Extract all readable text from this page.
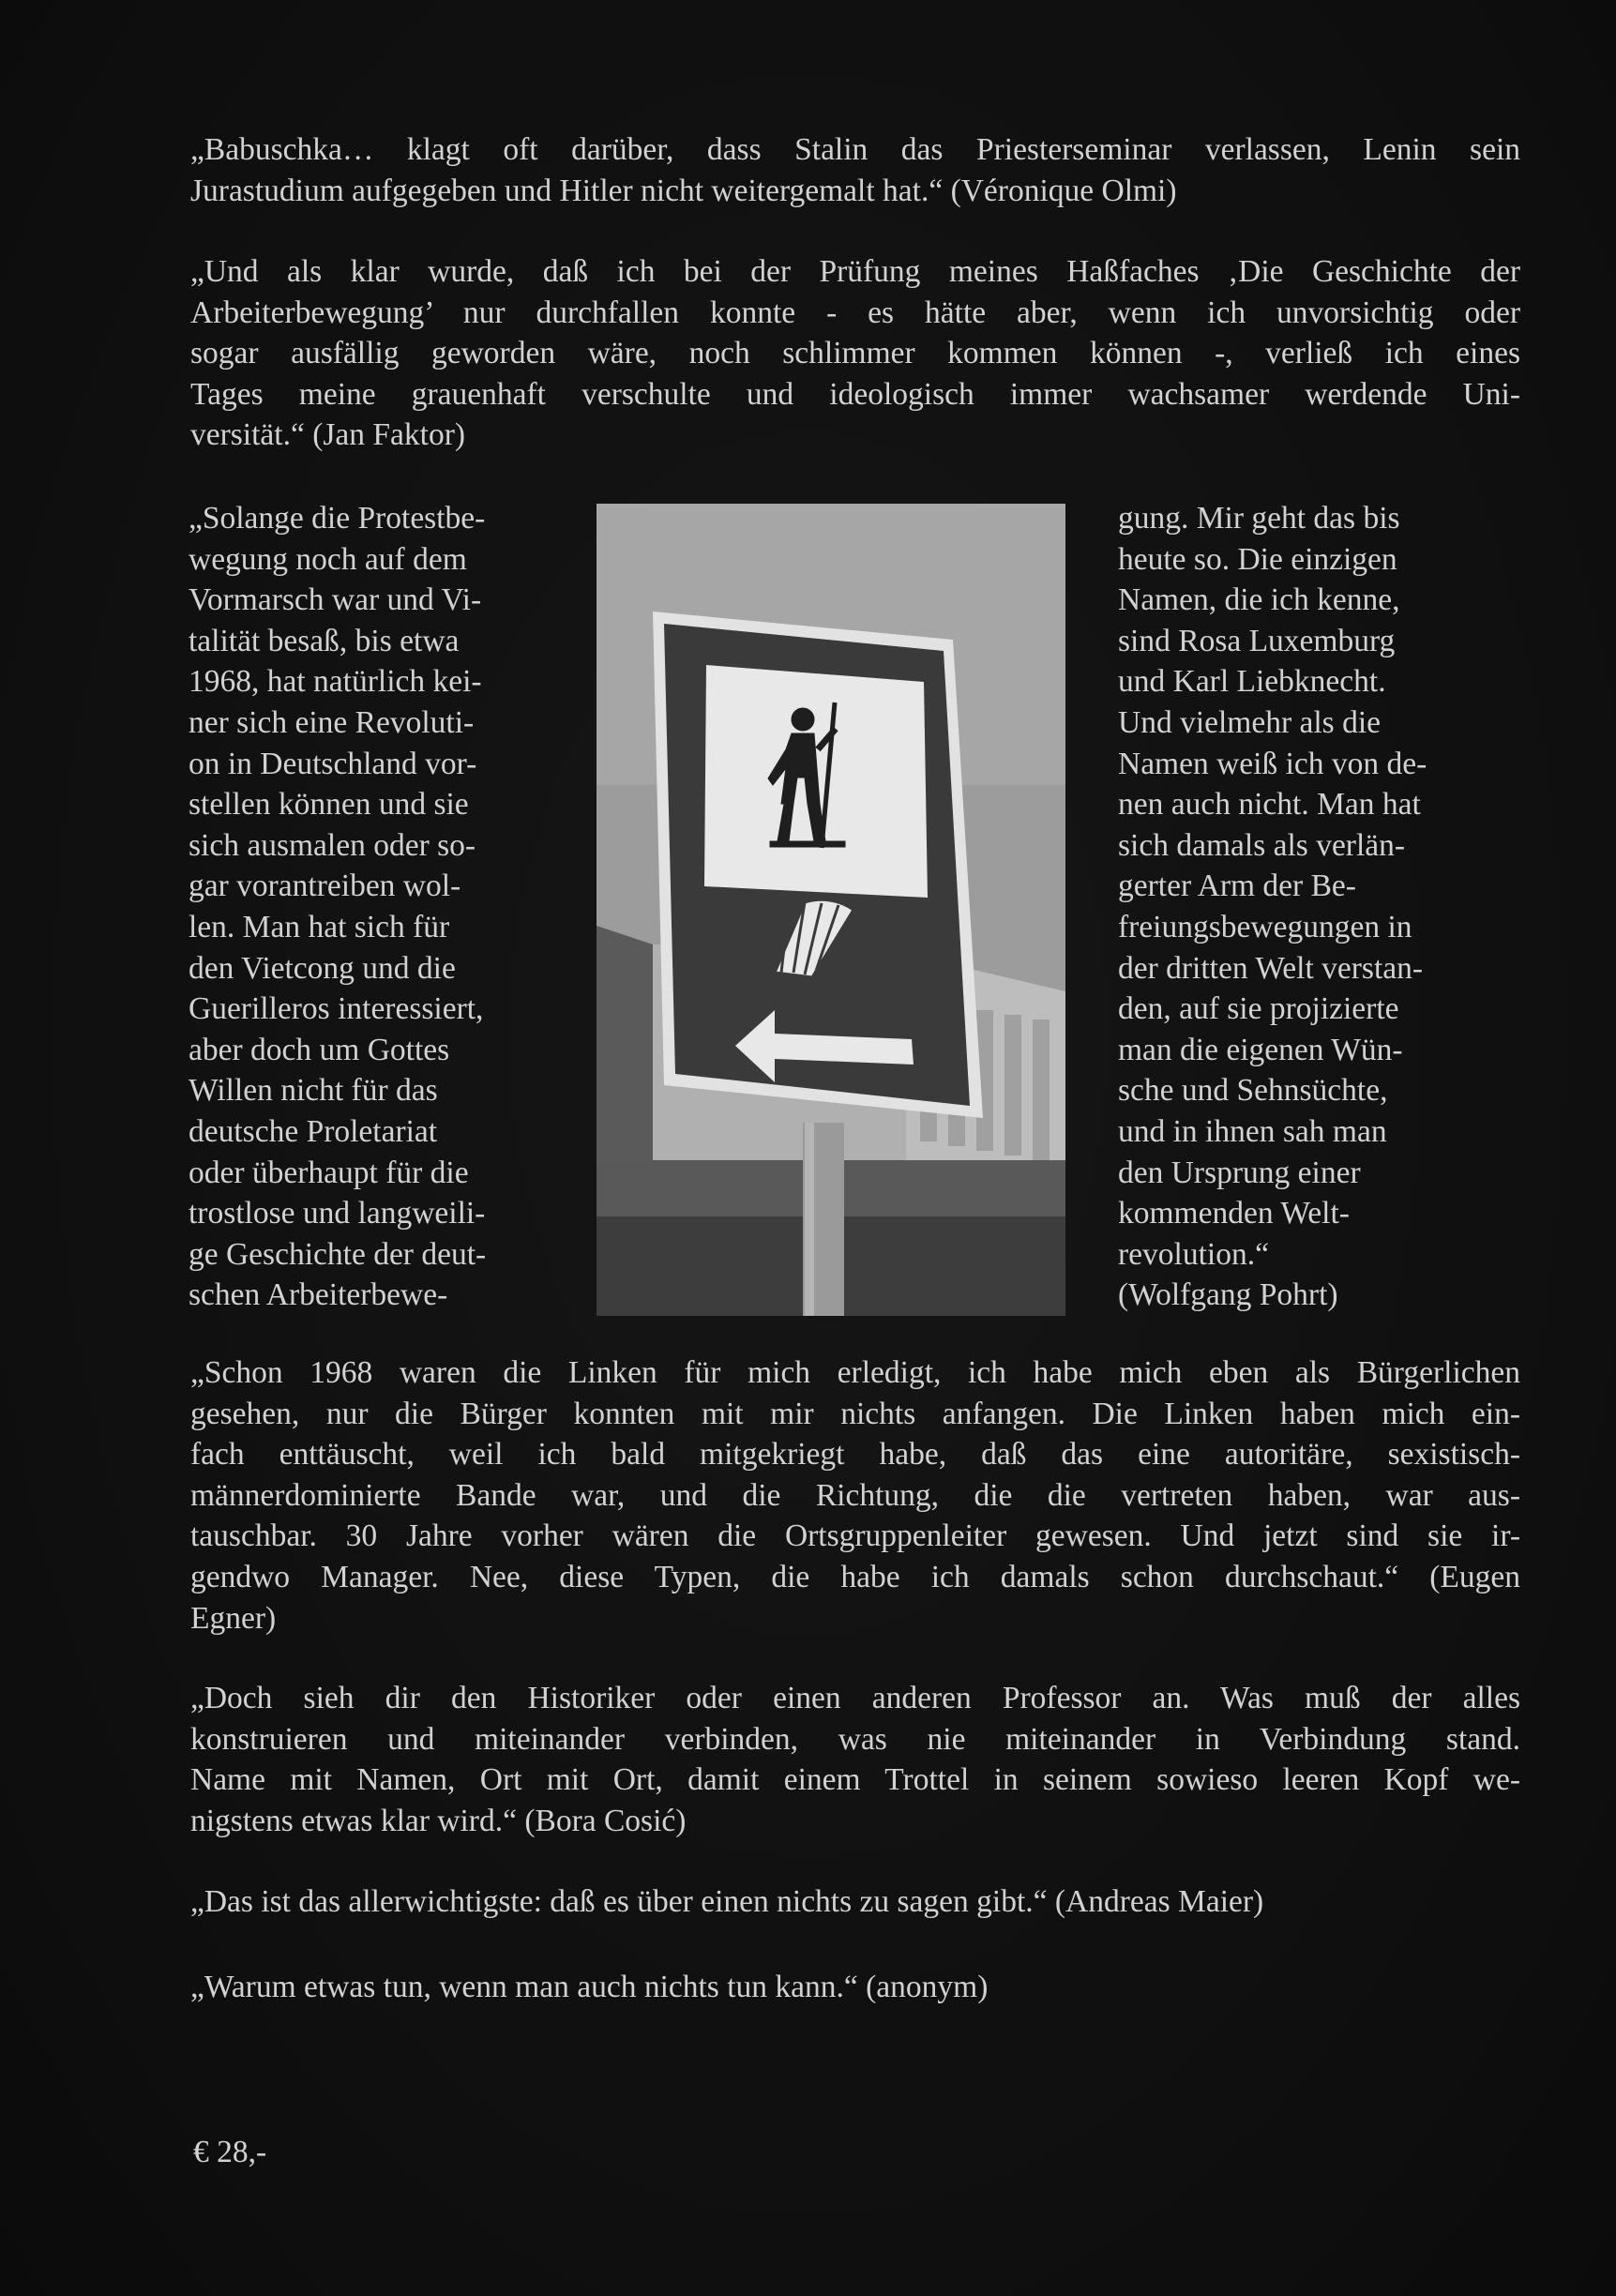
„Babuschka… klagt oft darüber, dass Stalin das Priesterseminar verlassen, Lenin sein
Jurastudium aufgegeben und Hitler nicht weitergemalt hat.“ (Véronique Olmi)

„Und als klar wurde, daß ich bei der Prüfung meines Haßfaches ‚Die Geschichte der
Arbeiterbewegung’ nur durchfallen konnte - es hätte aber, wenn ich unvorsichtig oder
sogar ausfällig geworden wäre, noch schlimmer kommen können -, verließ ich eines
Tages meine grauenhaft verschulte und ideologisch immer wachsamer werdende Uni-
versität.“ (Jan Faktor)

„Solange die Protestbe-
wegung noch auf dem
Vormarsch war und Vi-
talität besaß, bis etwa
1968, hat natürlich kei-
ner sich eine Revoluti-
on in Deutschland vor-
stellen können und sie
sich ausmalen oder so-
gar vorantreiben wol-
len. Man hat sich für
den Vietcong und die
Guerilleros interessiert,
aber doch um Gottes
Willen nicht für das
deutsche Proletariat
oder überhaupt für die
trostlose und langweili-
ge Geschichte der deut-
schen Arbeiterbewe-
gung. Mir geht das bis
heute so. Die einzigen
Namen, die ich kenne,
sind Rosa Luxemburg
und Karl Liebknecht.
Und vielmehr als die
Namen weiß ich von de-
nen auch nicht. Man hat
sich damals als verlän-
gerter Arm der Be-
freiungsbewegungen in
der dritten Welt verstan-
den, auf sie projizierte
man die eigenen Wün-
sche und Sehnsüchte,
und in ihnen sah man
den Ursprung einer
kommenden Welt-
revolution.“
(Wolfgang Pohrt)

„Schon 1968 waren die Linken für mich erledigt, ich habe mich eben als Bürgerlichen
gesehen, nur die Bürger konnten mit mir nichts anfangen. Die Linken haben mich ein-
fach enttäuscht, weil ich bald mitgekriegt habe, daß das eine autoritäre, sexistisch-
männerdominierte Bande war, und die Richtung, die die vertreten haben, war aus-
tauschbar. 30 Jahre vorher wären die Ortsgruppenleiter gewesen. Und jetzt sind sie ir-
gendwo Manager. Nee, diese Typen, die habe ich damals schon durchschaut.“ (Eugen
Egner)

„Doch sieh dir den Historiker oder einen anderen Professor an. Was muß der alles
konstruieren und miteinander verbinden, was nie miteinander in Verbindung stand.
Name mit Namen, Ort mit Ort, damit einem Trottel in seinem sowieso leeren Kopf we-
nigstens etwas klar wird.“ (Bora Cosić)

„Das ist das allerwichtigste: daß es über einen nichts zu sagen gibt.“ (Andreas Maier)

„Warum etwas tun, wenn man auch nichts tun kann.“ (anonym)

€ 28,-
